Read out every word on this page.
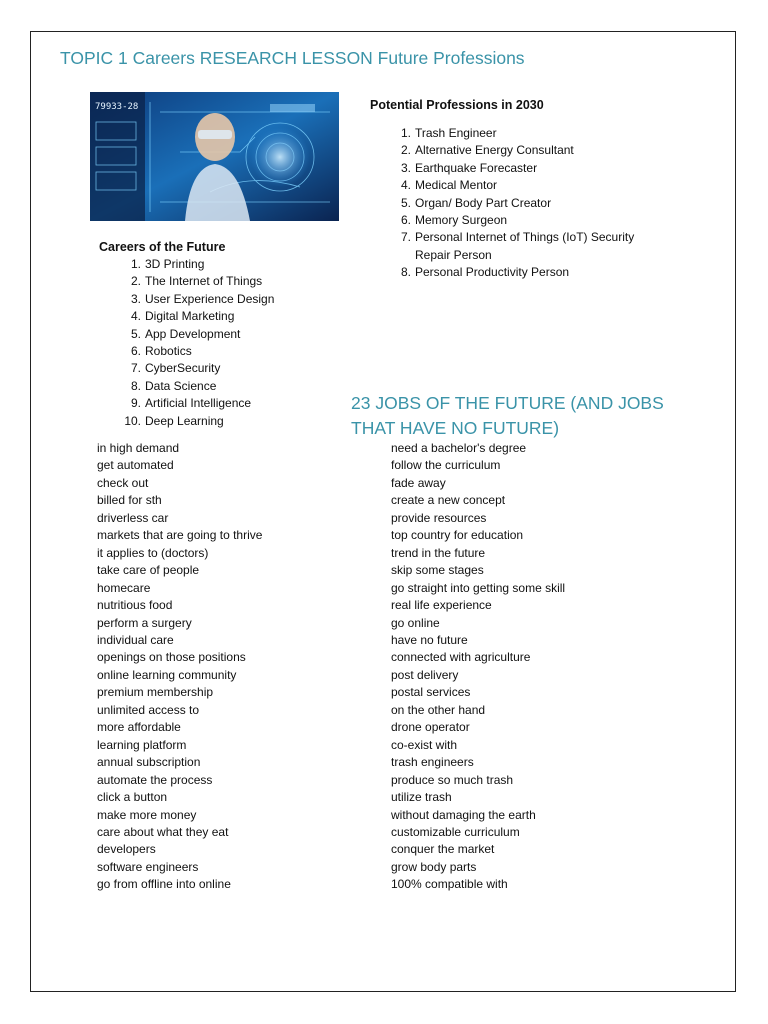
TOPIC 1 Careers RESEARCH LESSON Future Professions
79933-28	Potential Professions in 2030
1. Trash Engineer
2. Alternative Energy Consultant
3. Earthquake Forecaster
4. Medical Mentor
5. Organ/ Body Part Creator
6. Memory Surgeon
7. Personal Internet of Things (IoT) Security
Repair Person
8. Personal Productivity Person
Careers of the Future
1. 3D Printing
2. The Internet of Things
3. User Experience Design
4. Digital Marketing
5. App Development
6. Robotics
7. CyberSecurity
8. Data Science
9. Artificial Intelligence
10. Deep Learning
23 JOBS OF THE FUTURE (AND JOBS THAT HAVE NO FUTURE)
in high demand
get automated
check out
billed for sth
driverless car
markets that are going to thrive
it applies to (doctors)
take care of people
homecare
nutritious food
perform a surgery
individual care
openings on those positions
online learning community
premium membership
unlimited access to
more affordable
learning platform
annual subscription
automate the process
click a button
make more money
care about what they eat
developers
software engineers
go from offline into online
need a bachelor's degree
follow the curriculum
fade away
create a new concept
provide resources
top country for education
trend in the future
skip some stages
go straight into getting some skill
real life experience
go online
have no future
connected with agriculture
post delivery
postal services
on the other hand
drone operator
co-exist with
trash engineers
produce so much trash
utilize trash
without damaging the earth
customizable curriculum
conquer the market
grow body parts
100% compatible with
